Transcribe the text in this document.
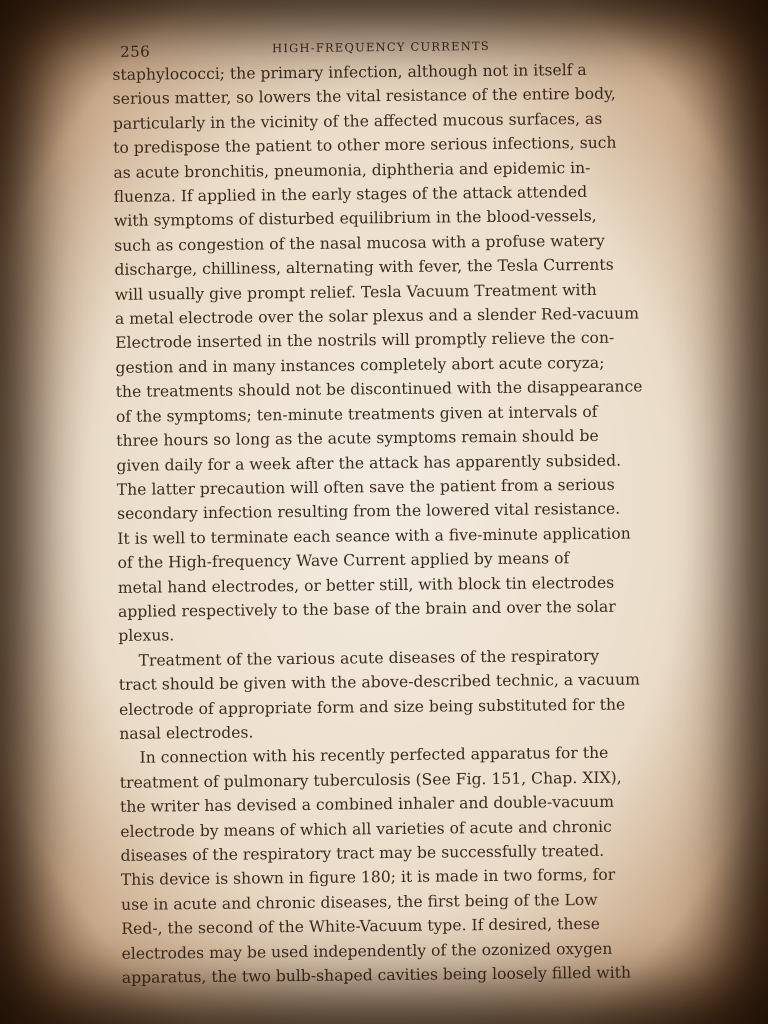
256	HIGH-FREQUENCY CURRENTS

staphylococci; the primary infection, although not in itself a
serious matter, so lowers the vital resistance of the entire body,
particularly in the vicinity of the affected mucous surfaces, as
to predispose the patient to other more serious infections, such
as acute bronchitis, pneumonia, diphtheria and epidemic in-
fluenza. If applied in the early stages of the attack attended
with symptoms of disturbed equilibrium in the blood-vessels,
such as congestion of the nasal mucosa with a profuse watery
discharge, chilliness, alternating with fever, the Tesla Currents
will usually give prompt relief. Tesla Vacuum Treatment with
a metal electrode over the solar plexus and a slender Red-vacuum
Electrode inserted in the nostrils will promptly relieve the con-
gestion and in many instances completely abort acute coryza;
the treatments should not be discontinued with the disappearance
of the symptoms; ten-minute treatments given at intervals of
three hours so long as the acute symptoms remain should be
given daily for a week after the attack has apparently subsided.
The latter precaution will often save the patient from a serious
secondary infection resulting from the lowered vital resistance.
It is well to terminate each seance with a five-minute application
of the High-frequency Wave Current applied by means of
metal hand electrodes, or better still, with block tin electrodes
applied respectively to the base of the brain and over the solar
plexus.

Treatment of the various acute diseases of the respiratory
tract should be given with the above-described technic, a vacuum
electrode of appropriate form and size being substituted for the
nasal electrodes.

In connection with his recently perfected apparatus for the
treatment of pulmonary tuberculosis (See Fig. 151, Chap. XIX),
the writer has devised a combined inhaler and double-vacuum
electrode by means of which all varieties of acute and chronic
diseases of the respiratory tract may be successfully treated.
This device is shown in figure 180; it is made in two forms, for
use in acute and chronic diseases, the first being of the Low
Red-, the second of the White-Vacuum type. If desired, these
electrodes may be used independently of the ozonized oxygen
apparatus, the two bulb-shaped cavities being loosely filled with
